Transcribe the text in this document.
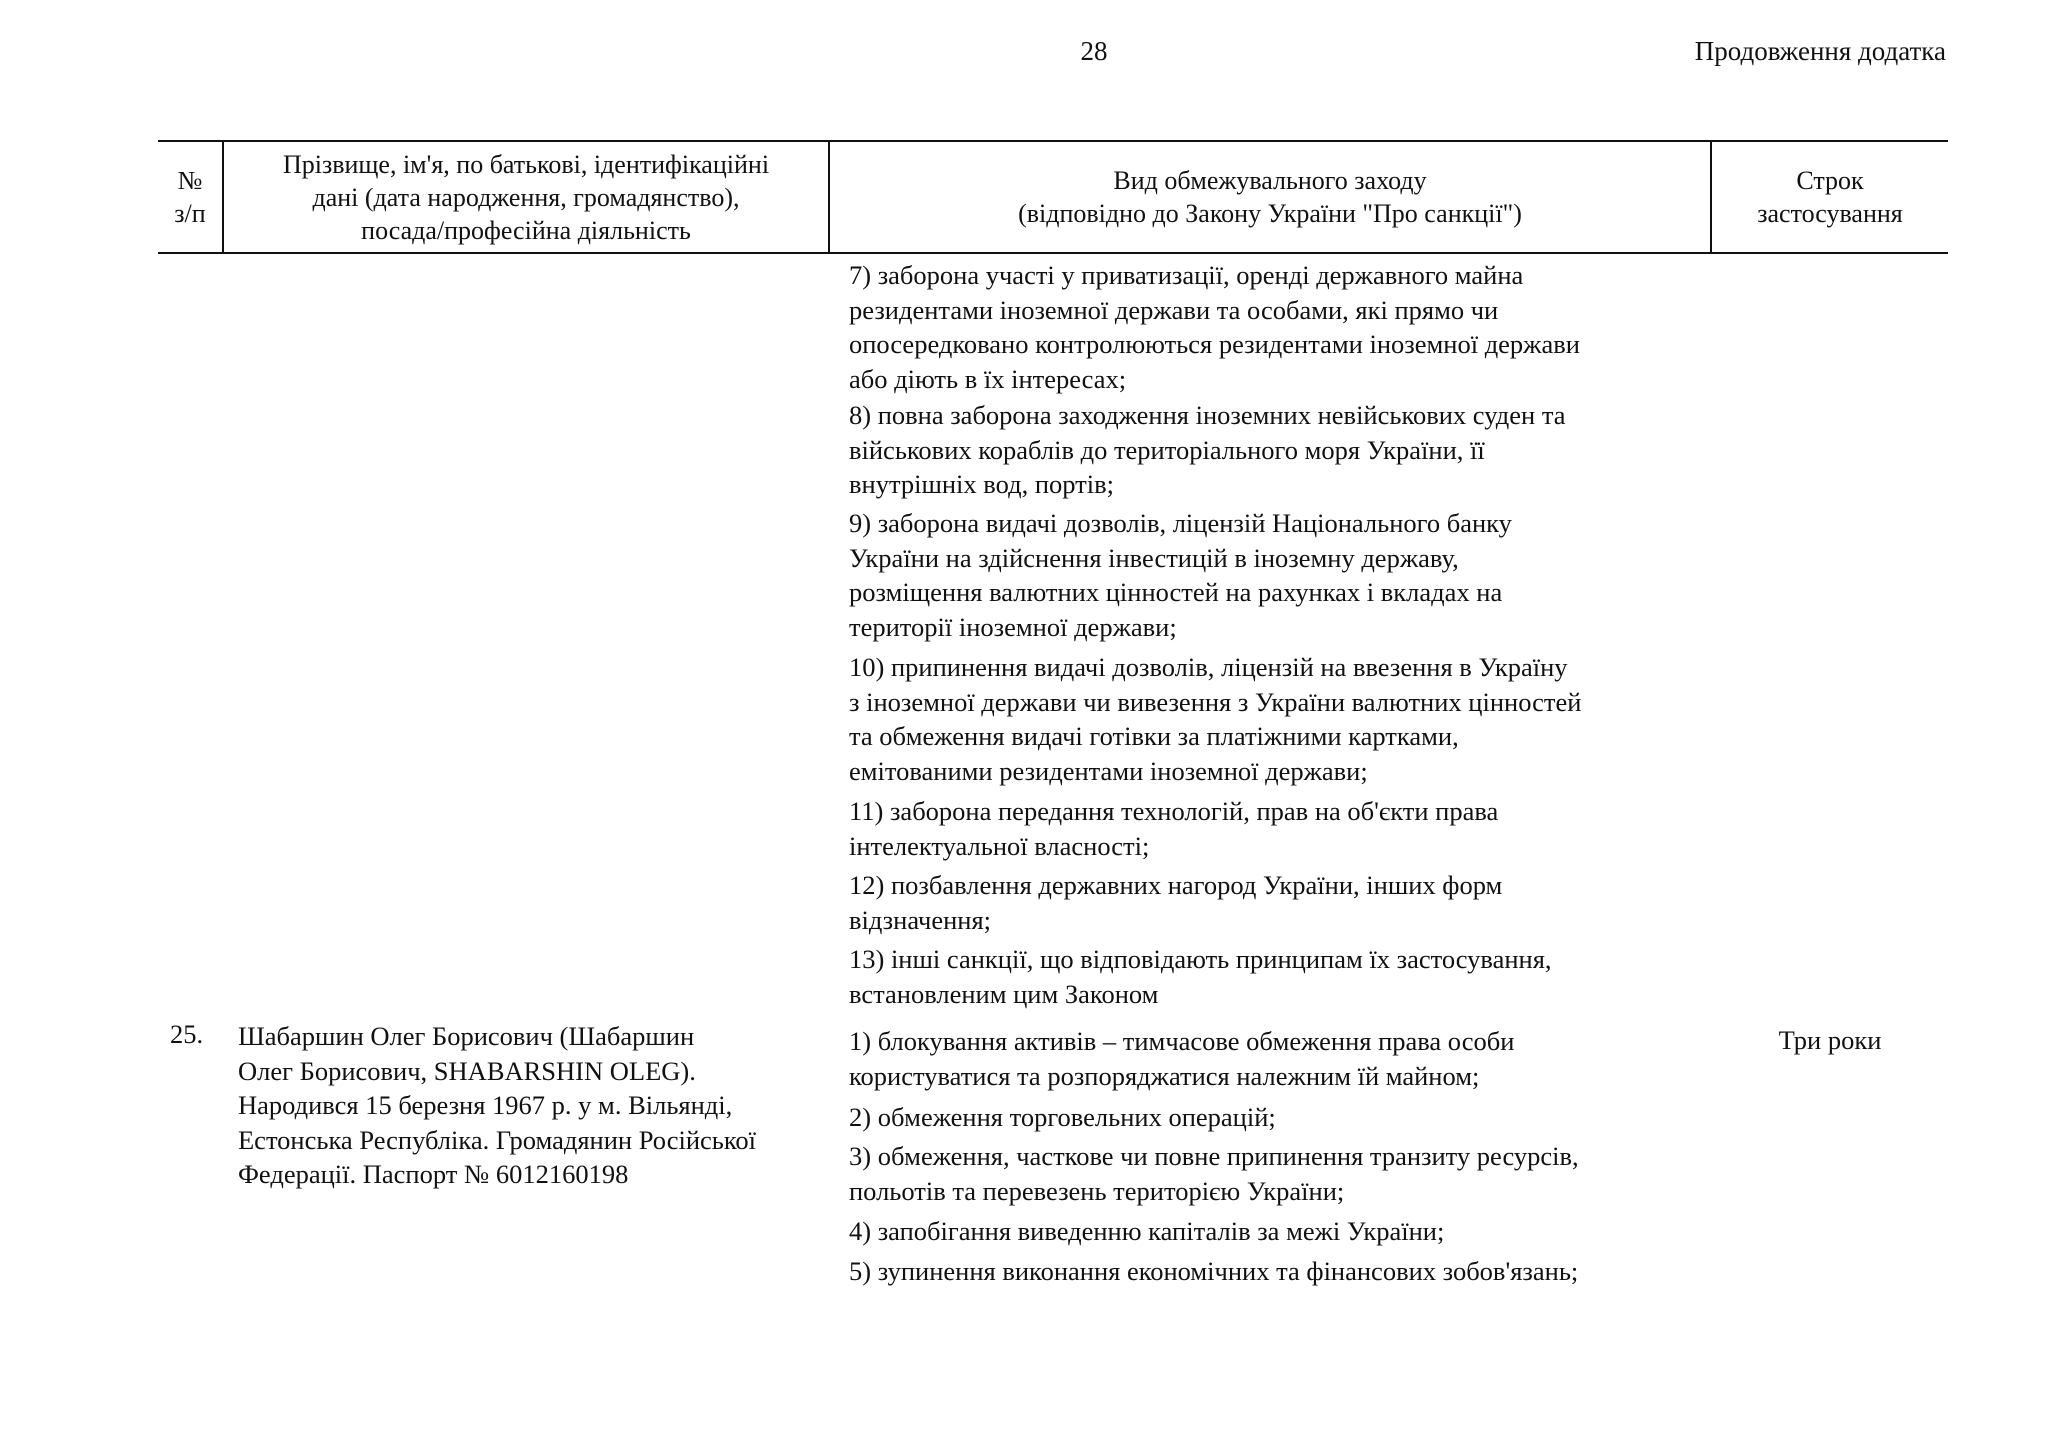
28	Продовження додатка
№
з/п
Прізвище, ім'я, по батькові, ідентифікаційні
дані (дата народження, громадянство),
посада/професійна діяльність
Вид обмежувального заходу
(відповідно до Закону України "Про санкції")
Строк
застосування

7) заборона участі у приватизації, оренді державного майна
резидентами іноземної держави та особами, які прямо чи
опосередковано контролюються резидентами іноземної держави
або діють в їх інтересах;

8) повна заборона заходження іноземних невійськових суден та
військових кораблів до територіального моря України, її
внутрішніх вод, портів;

9) заборона видачі дозволів, ліцензій Національного банку
України на здійснення інвестицій в іноземну державу,
розміщення валютних цінностей на рахунках і вкладах на
території іноземної держави;

10) припинення видачі дозволів, ліцензій на ввезення в Україну
з іноземної держави чи вивезення з України валютних цінностей
та обмеження видачі готівки за платіжними картками,
емітованими резидентами іноземної держави;

11) заборона передання технологій, прав на об'єкти права
інтелектуальної власності;

12) позбавлення державних нагород України, інших форм
відзначення;

13) інші санкції, що відповідають принципам їх застосування,
встановленим цим Законом

25. Шабаршин Олег Борисович (Шабаршин
Олег Борисович, SHABARSHIN OLEG).
Народився 15 березня 1967 р. у м. Вільянді,
Естонська Республіка. Громадянин Російської
Федерації. Паспорт № 6012160198
Три роки

1) блокування активів – тимчасове обмеження права особи
користуватися та розпоряджатися належним їй майном;

2) обмеження торговельних операцій;

3) обмеження, часткове чи повне припинення транзиту ресурсів,
польотів та перевезень територією України;

4) запобігання виведенню капіталів за межі України;

5) зупинення виконання економічних та фінансових зобов'язань;
